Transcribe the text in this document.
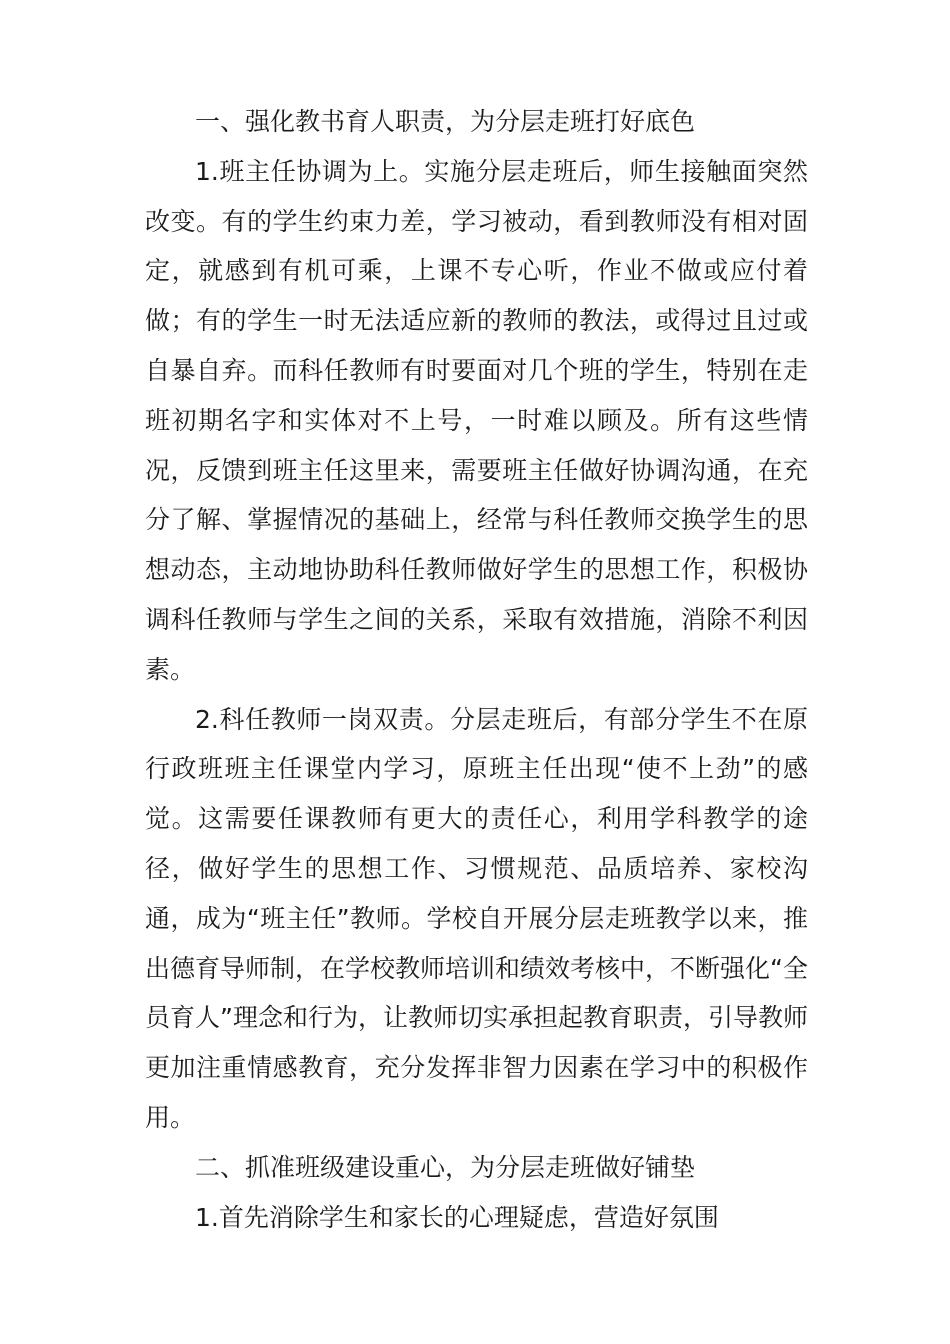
一、强化教书育人职责，为分层走班打好底色

1.班主任协调为上。实施分层走班后，师生接触面突然改变。有的学生约束力差，学习被动，看到教师没有相对固定，就感到有机可乘，上课不专心听，作业不做或应付着做；有的学生一时无法适应新的教师的教法，或得过且过或自暴自弃。而科任教师有时要面对几个班的学生，特别在走班初期名字和实体对不上号，一时难以顾及。所有这些情况，反馈到班主任这里来，需要班主任做好协调沟通，在充分了解、掌握情况的基础上，经常与科任教师交换学生的思想动态，主动地协助科任教师做好学生的思想工作，积极协调科任教师与学生之间的关系，采取有效措施，消除不利因素。

2.科任教师一岗双责。分层走班后，有部分学生不在原行政班班主任课堂内学习，原班主任出现“使不上劲”的感觉。这需要任课教师有更大的责任心，利用学科教学的途径，做好学生的思想工作、习惯规范、品质培养、家校沟通，成为“班主任”教师。学校自开展分层走班教学以来，推出德育导师制，在学校教师培训和绩效考核中，不断强化“全员育人”理念和行为，让教师切实承担起教育职责，引导教师更加注重情感教育，充分发挥非智力因素在学习中的积极作用。

二、抓准班级建设重心，为分层走班做好铺垫

1.首先消除学生和家长的心理疑虑，营造好氛围
